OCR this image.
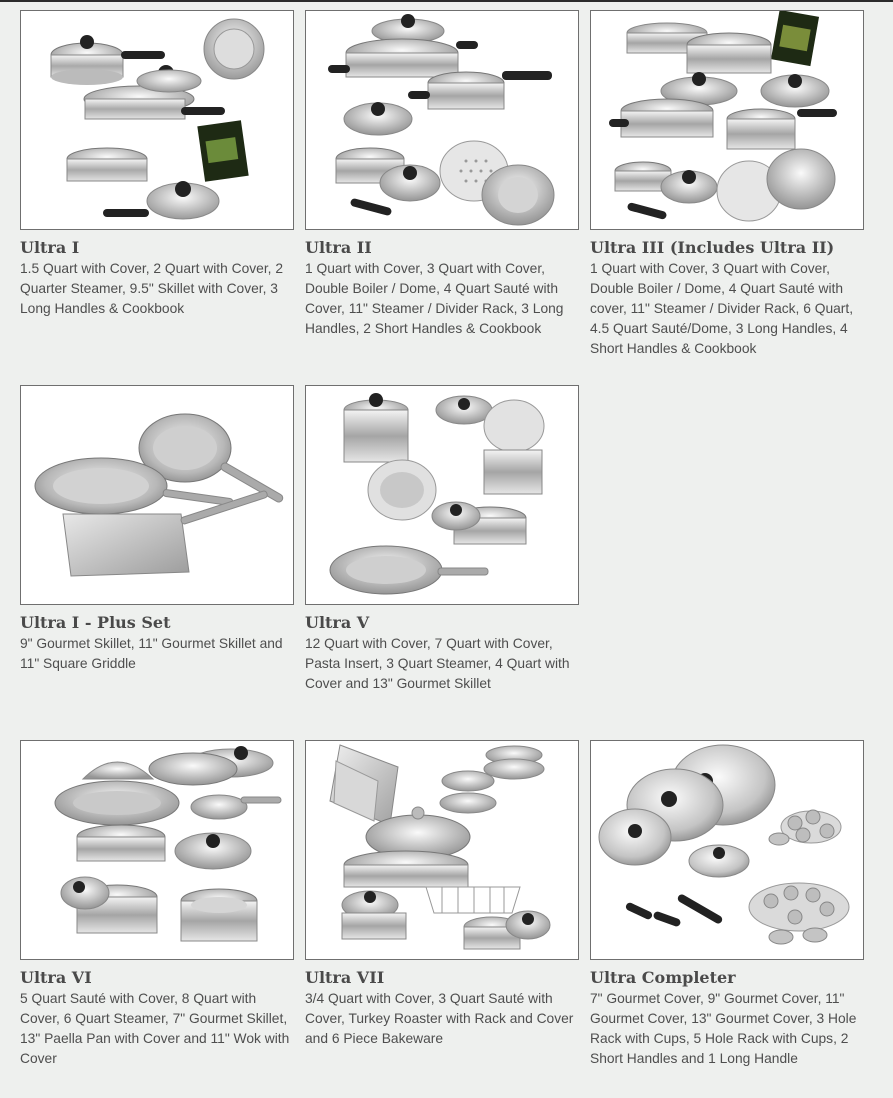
Ultra I
1.5 Quart with Cover, 2 Quart with Cover, 2 Quarter Steamer, 9.5" Skillet with Cover, 3 Long Handles & Cookbook
Ultra II
1 Quart with Cover, 3 Quart with Cover, Double Boiler / Dome, 4 Quart Sauté with Cover, 11" Steamer / Divider Rack, 3 Long Handles, 2 Short Handles & Cookbook
Ultra III (Includes Ultra II)
1 Quart with Cover, 3 Quart with Cover, Double Boiler / Dome, 4 Quart Sauté with cover, 11" Steamer / Divider Rack, 6 Quart, 4.5 Quart Sauté/Dome, 3 Long Handles, 4 Short Handles & Cookbook
Ultra I - Plus Set
9" Gourmet Skillet, 11" Gourmet Skillet and 11" Square Griddle
Ultra V
12 Quart with Cover, 7 Quart with Cover, Pasta Insert, 3 Quart Steamer, 4 Quart with Cover and 13" Gourmet Skillet
Ultra VI
5 Quart Sauté with Cover, 8 Quart with Cover, 6 Quart Steamer, 7" Gourmet Skillet, 13" Paella Pan with Cover and 11" Wok with Cover
Ultra VII
3/4 Quart with Cover, 3 Quart Sauté with Cover, Turkey Roaster with Rack and Cover and 6 Piece Bakeware
Ultra Completer
7" Gourmet Cover, 9" Gourmet Cover, 11" Gourmet Cover, 13" Gourmet Cover, 3 Hole Rack with Cups, 5 Hole Rack with Cups, 2 Short Handles and 1 Long Handle
